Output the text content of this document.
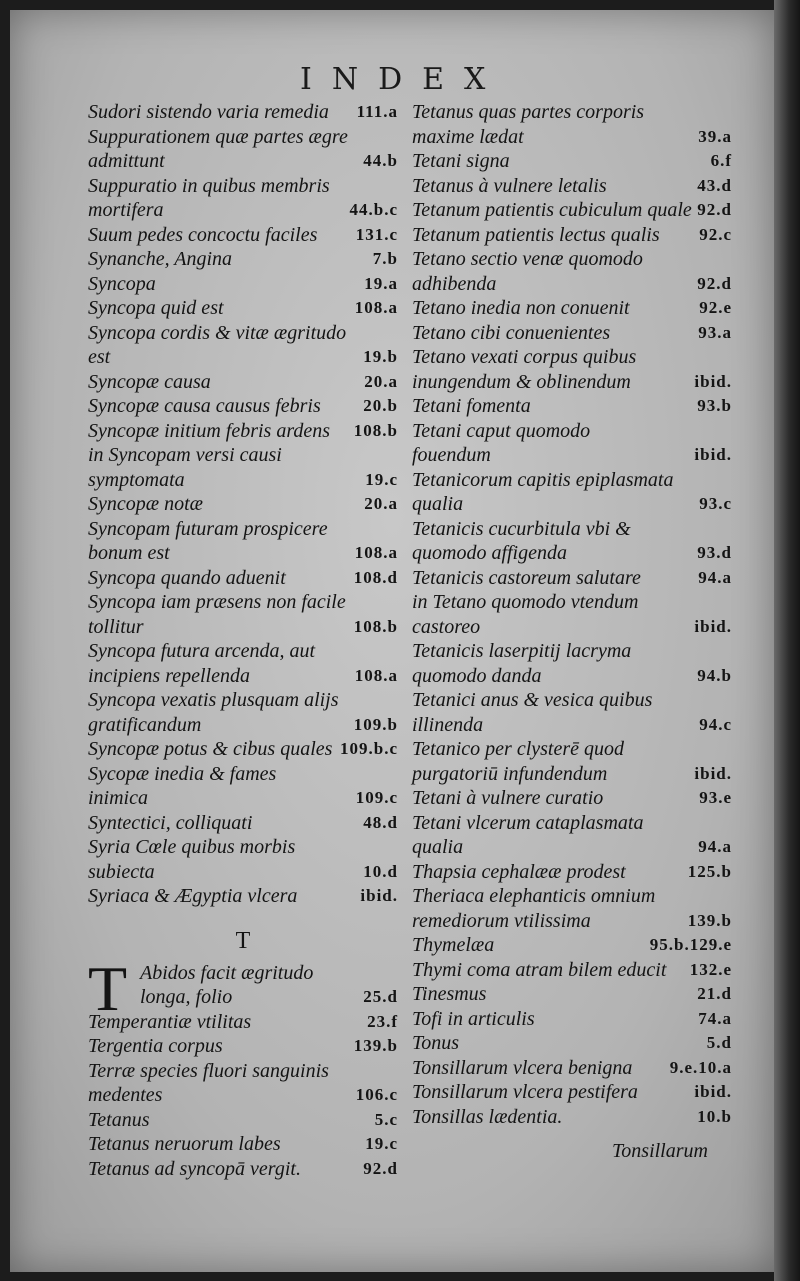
INDEX
Sudori sistendo varia remedia 111.a
Suppurationem quæ partes ægre admittunt	44.b
Suppuratio in quibus membris mortifera	44.b.c
Suum pedes concoctu faciles 131.c
Synanche, Angina	7.b
Syncopa	19.a
Syncopa quid est	108.a
Syncopa cordis & vitæ ægritudo est	19.b
Syncopæ causa	20.a
Syncopæ causa causus febris	20.b
Syncopæ initium febris ardens 108.b
in Syncopam versi causi symptomata	19.c
Syncopæ notæ	20.a
Syncopam futuram prospicere bonum est	108.a
Syncopa quando aduenit	108.d
Syncopa iam præsens non facile tollitur	108.b
Syncopa futura arcenda, aut incipiens repellenda	108.a
Syncopa vexatis plusquam alijs gratificandum	109.b
Syncopæ potus & cibus quales 109.b.c
Sycopæ inedia & fames inimica	109.c
Syntectici, colliquati	48.d
Syria Cœle quibus morbis subiecta	10.d
Syriaca & Ægyptia vlcera	ibid.
T
T Abidos facit ægritudo longa, folio	25.d
Temperantiæ vtilitas	23.f
Tergentia corpus	139.b
Terræ species fluori sanguinis medentes	106.c
Tetanus	5.c
Tetanus neruorum labes	19.c
Tetanus ad syncopā vergit.	92.d
Tetanus quas partes corporis maxime lædat	39.a
Tetani signa	6.f
Tetanus à vulnere letalis	43.d
Tetanum patientis cubiculum quale 92.d
Tetanum patientis lectus qualis 92.c
Tetano sectio venæ quomodo adhibenda	92.d
Tetano inedia non conuenit	92.e
Tetano cibi conuenientes	93.a
Tetano vexati corpus quibus inungendum & oblinendum	ibid.
Tetani fomenta	93.b
Tetani caput quomodo fouendum	ibid.
Tetanicorum capitis epiplasmata qualia	93.c
Tetanicis cucurbitula vbi & quomodo affigenda	93.d
Tetanicis castoreum salutare	94.a
in Tetano quomodo vtendum castoreo	ibid.
Tetanicis laserpitij lacryma quomodo danda	94.b
Tetanici anus & vesica quibus illinenda	94.c
Tetanico per clysterē quod purgatoriū infundendum	ibid.
Tetani à vulnere curatio	93.e
Tetani vlcerum cataplasmata qualia	94.a
Thapsia cephalææ prodest	125.b
Theriaca elephanticis omnium remediorum vtilissima	139.b
Thymelæa	95.b.129.e
Thymi coma atram bilem educit 132.e
Tinesmus	21.d
Tofi in articulis	74.a
Tonus	5.d
Tonsillarum vlcera benigna 9.e.10.a
Tonsillarum vlcera pestifera	ibid.
Tonsillas lædentia.	10.b
Tonsillarum
